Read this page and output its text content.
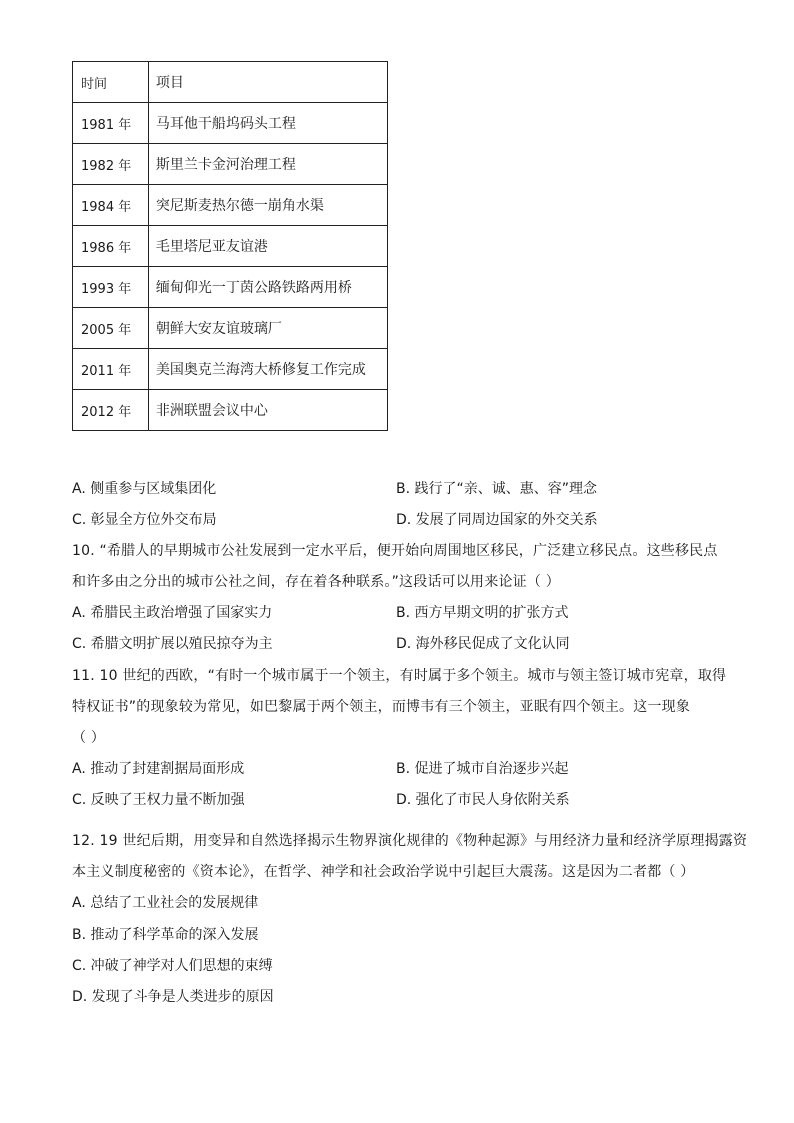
时间	项目
1981 年	马耳他干船坞码头工程
1982 年	斯里兰卡金河治理工程
1984 年	突尼斯麦热尔德一崩角水渠
1986 年	毛里塔尼亚友谊港
1993 年	缅甸仰光一丁茵公路铁路两用桥
2005 年	朝鲜大安友谊玻璃厂
2011 年	美国奥克兰海湾大桥修复工作完成
2012 年	非洲联盟会议中心
A. 侧重参与区域集团化	B. 践行了“亲、诚、惠、容”理念
C. 彰显全方位外交布局	D. 发展了同周边国家的外交关系
10. “希腊人的早期城市公社发展到一定水平后，便开始向周围地区移民，广泛建立移民点。这些移民点
和许多由之分出的城市公社之间，存在着各种联系。”这段话可以用来论证（ ）
A. 希腊民主政治增强了国家实力	B. 西方早期文明的扩张方式
C. 希腊文明扩展以殖民掠夺为主	D. 海外移民促成了文化认同
11. 10 世纪的西欧，“有时一个城市属于一个领主，有时属于多个领主。城市与领主签订城市宪章，取得
特权证书”的现象较为常见，如巴黎属于两个领主，而博韦有三个领主，亚眠有四个领主。这一现象
（ ）
A. 推动了封建割据局面形成	B. 促进了城市自治逐步兴起
C. 反映了王权力量不断加强	D. 强化了市民人身依附关系
12. 19 世纪后期，用变异和自然选择揭示生物界演化规律的《物种起源》与用经济力量和经济学原理揭露资
本主义制度秘密的《资本论》，在哲学、神学和社会政治学说中引起巨大震荡。这是因为二者都（ ）
A. 总结了工业社会的发展规律
B. 推动了科学革命的深入发展
C. 冲破了神学对人们思想的束缚
D. 发现了斗争是人类进步的原因
